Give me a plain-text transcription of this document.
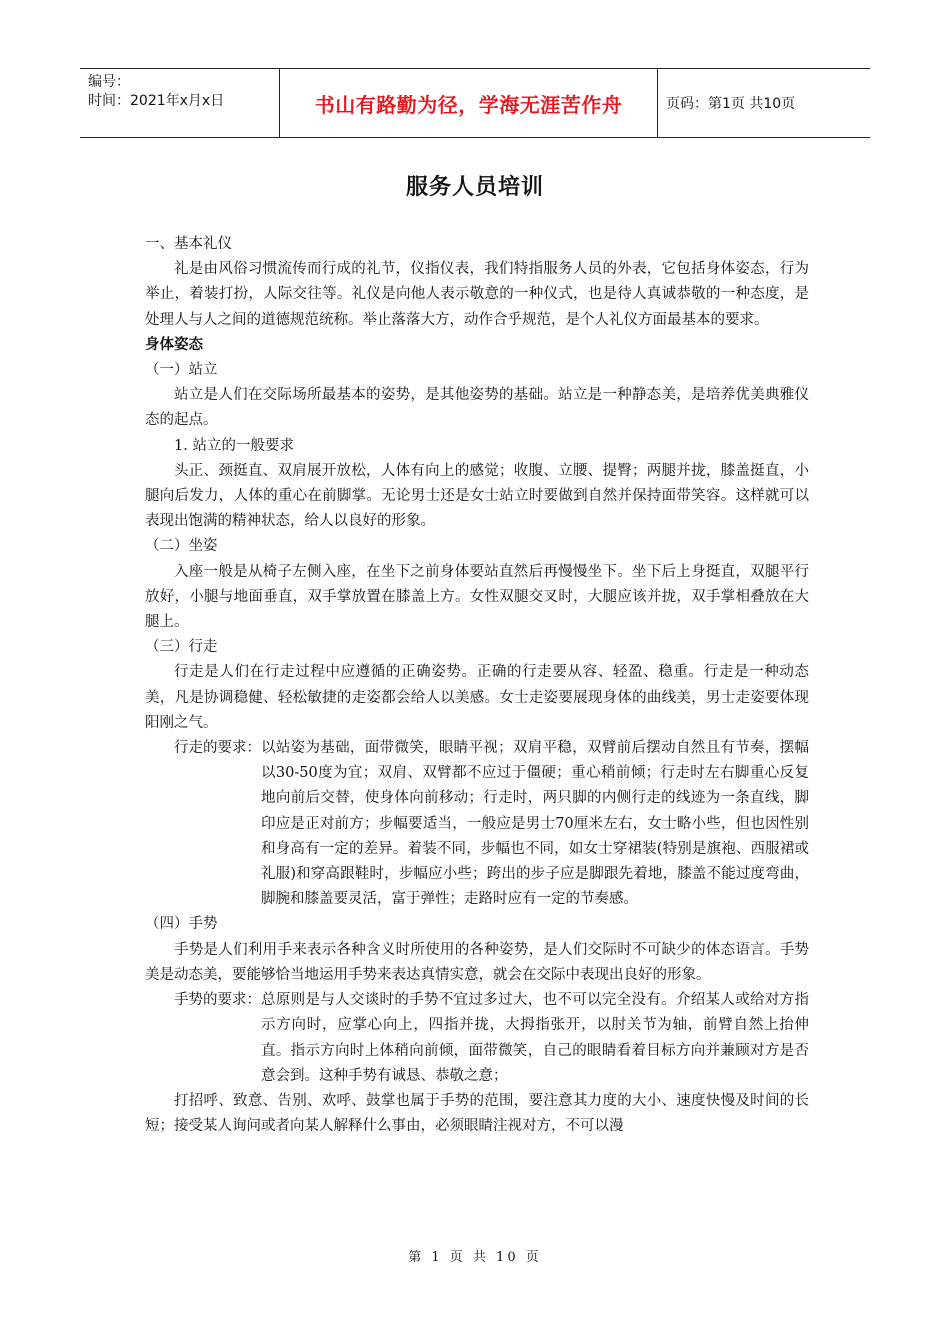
编号：
时间：2021年x月x日	书山有路勤为径，学海无涯苦作舟	页码：第1页 共10页
服务人员培训

一、基本礼仪

礼是由风俗习惯流传而行成的礼节，仪指仪表，我们特指服务人员的外表，它包括身体姿态，行为举止，着装打扮，人际交往等。礼仪是向他人表示敬意的一种仪式，也是待人真诚恭敬的一种态度，是处理人与人之间的道德规范统称。举止落落大方，动作合乎规范，是个人礼仪方面最基本的要求。

身体姿态

（一）站立

站立是人们在交际场所最基本的姿势，是其他姿势的基础。站立是一种静态美，是培养优美典雅仪态的起点。

1. 站立的一般要求

头正、颈挺直、双肩展开放松，人体有向上的感觉；收腹、立腰、提臀；两腿并拢，膝盖挺直，小腿向后发力，人体的重心在前脚掌。无论男士还是女士站立时要做到自然并保持面带笑容。这样就可以表现出饱满的精神状态，给人以良好的形象。

（二）坐姿

入座一般是从椅子左侧入座，在坐下之前身体要站直然后再慢慢坐下。坐下后上身挺直，双腿平行放好，小腿与地面垂直，双手掌放置在膝盖上方。女性双腿交叉时，大腿应该并拢，双手掌相叠放在大腿上。

（三）行走

行走是人们在行走过程中应遵循的正确姿势。正确的行走要从容、轻盈、稳重。行走是一种动态美，凡是协调稳健、轻松敏捷的走姿都会给人以美感。女士走姿要展现身体的曲线美，男士走姿要体现阳刚之气。

行走的要求： 以站姿为基础，面带微笑，眼睛平视；双肩平稳，双臂前后摆动自然且有节奏，摆幅以30-50度为宜；双肩、双臂都不应过于僵硬；重心稍前倾；行走时左右脚重心反复地向前后交替，使身体向前移动；行走时，两只脚的内侧行走的线迹为一条直线，脚印应是正对前方；步幅要适当，一般应是男士70厘米左右，女士略小些，但也因性别和身高有一定的差异。着装不同，步幅也不同，如女士穿裙装(特别是旗袍、西服裙或礼服)和穿高跟鞋时，步幅应小些；跨出的步子应是脚跟先着地，膝盖不能过度弯曲，脚腕和膝盖要灵活，富于弹性；走路时应有一定的节奏感。

（四）手势

手势是人们利用手来表示各种含义时所使用的各种姿势，是人们交际时不可缺少的体态语言。手势美是动态美，要能够恰当地运用手势来表达真情实意，就会在交际中表现出良好的形象。

手势的要求： 总原则是与人交谈时的手势不宜过多过大，也不可以完全没有。介绍某人或给对方指示方向时，应掌心向上，四指并拢，大拇指张开，以肘关节为轴，前臂自然上抬伸直。指示方向时上体稍向前倾，面带微笑，自己的眼睛看着目标方向并兼顾对方是否意会到。这种手势有诚恳、恭敬之意；

打招呼、致意、告别、欢呼、鼓掌也属于手势的范围，要注意其力度的大小、速度快慢及时间的长短；接受某人询问或者向某人解释什么事由，必须眼睛注视对方，不可以漫

第 1 页 共 10 页
